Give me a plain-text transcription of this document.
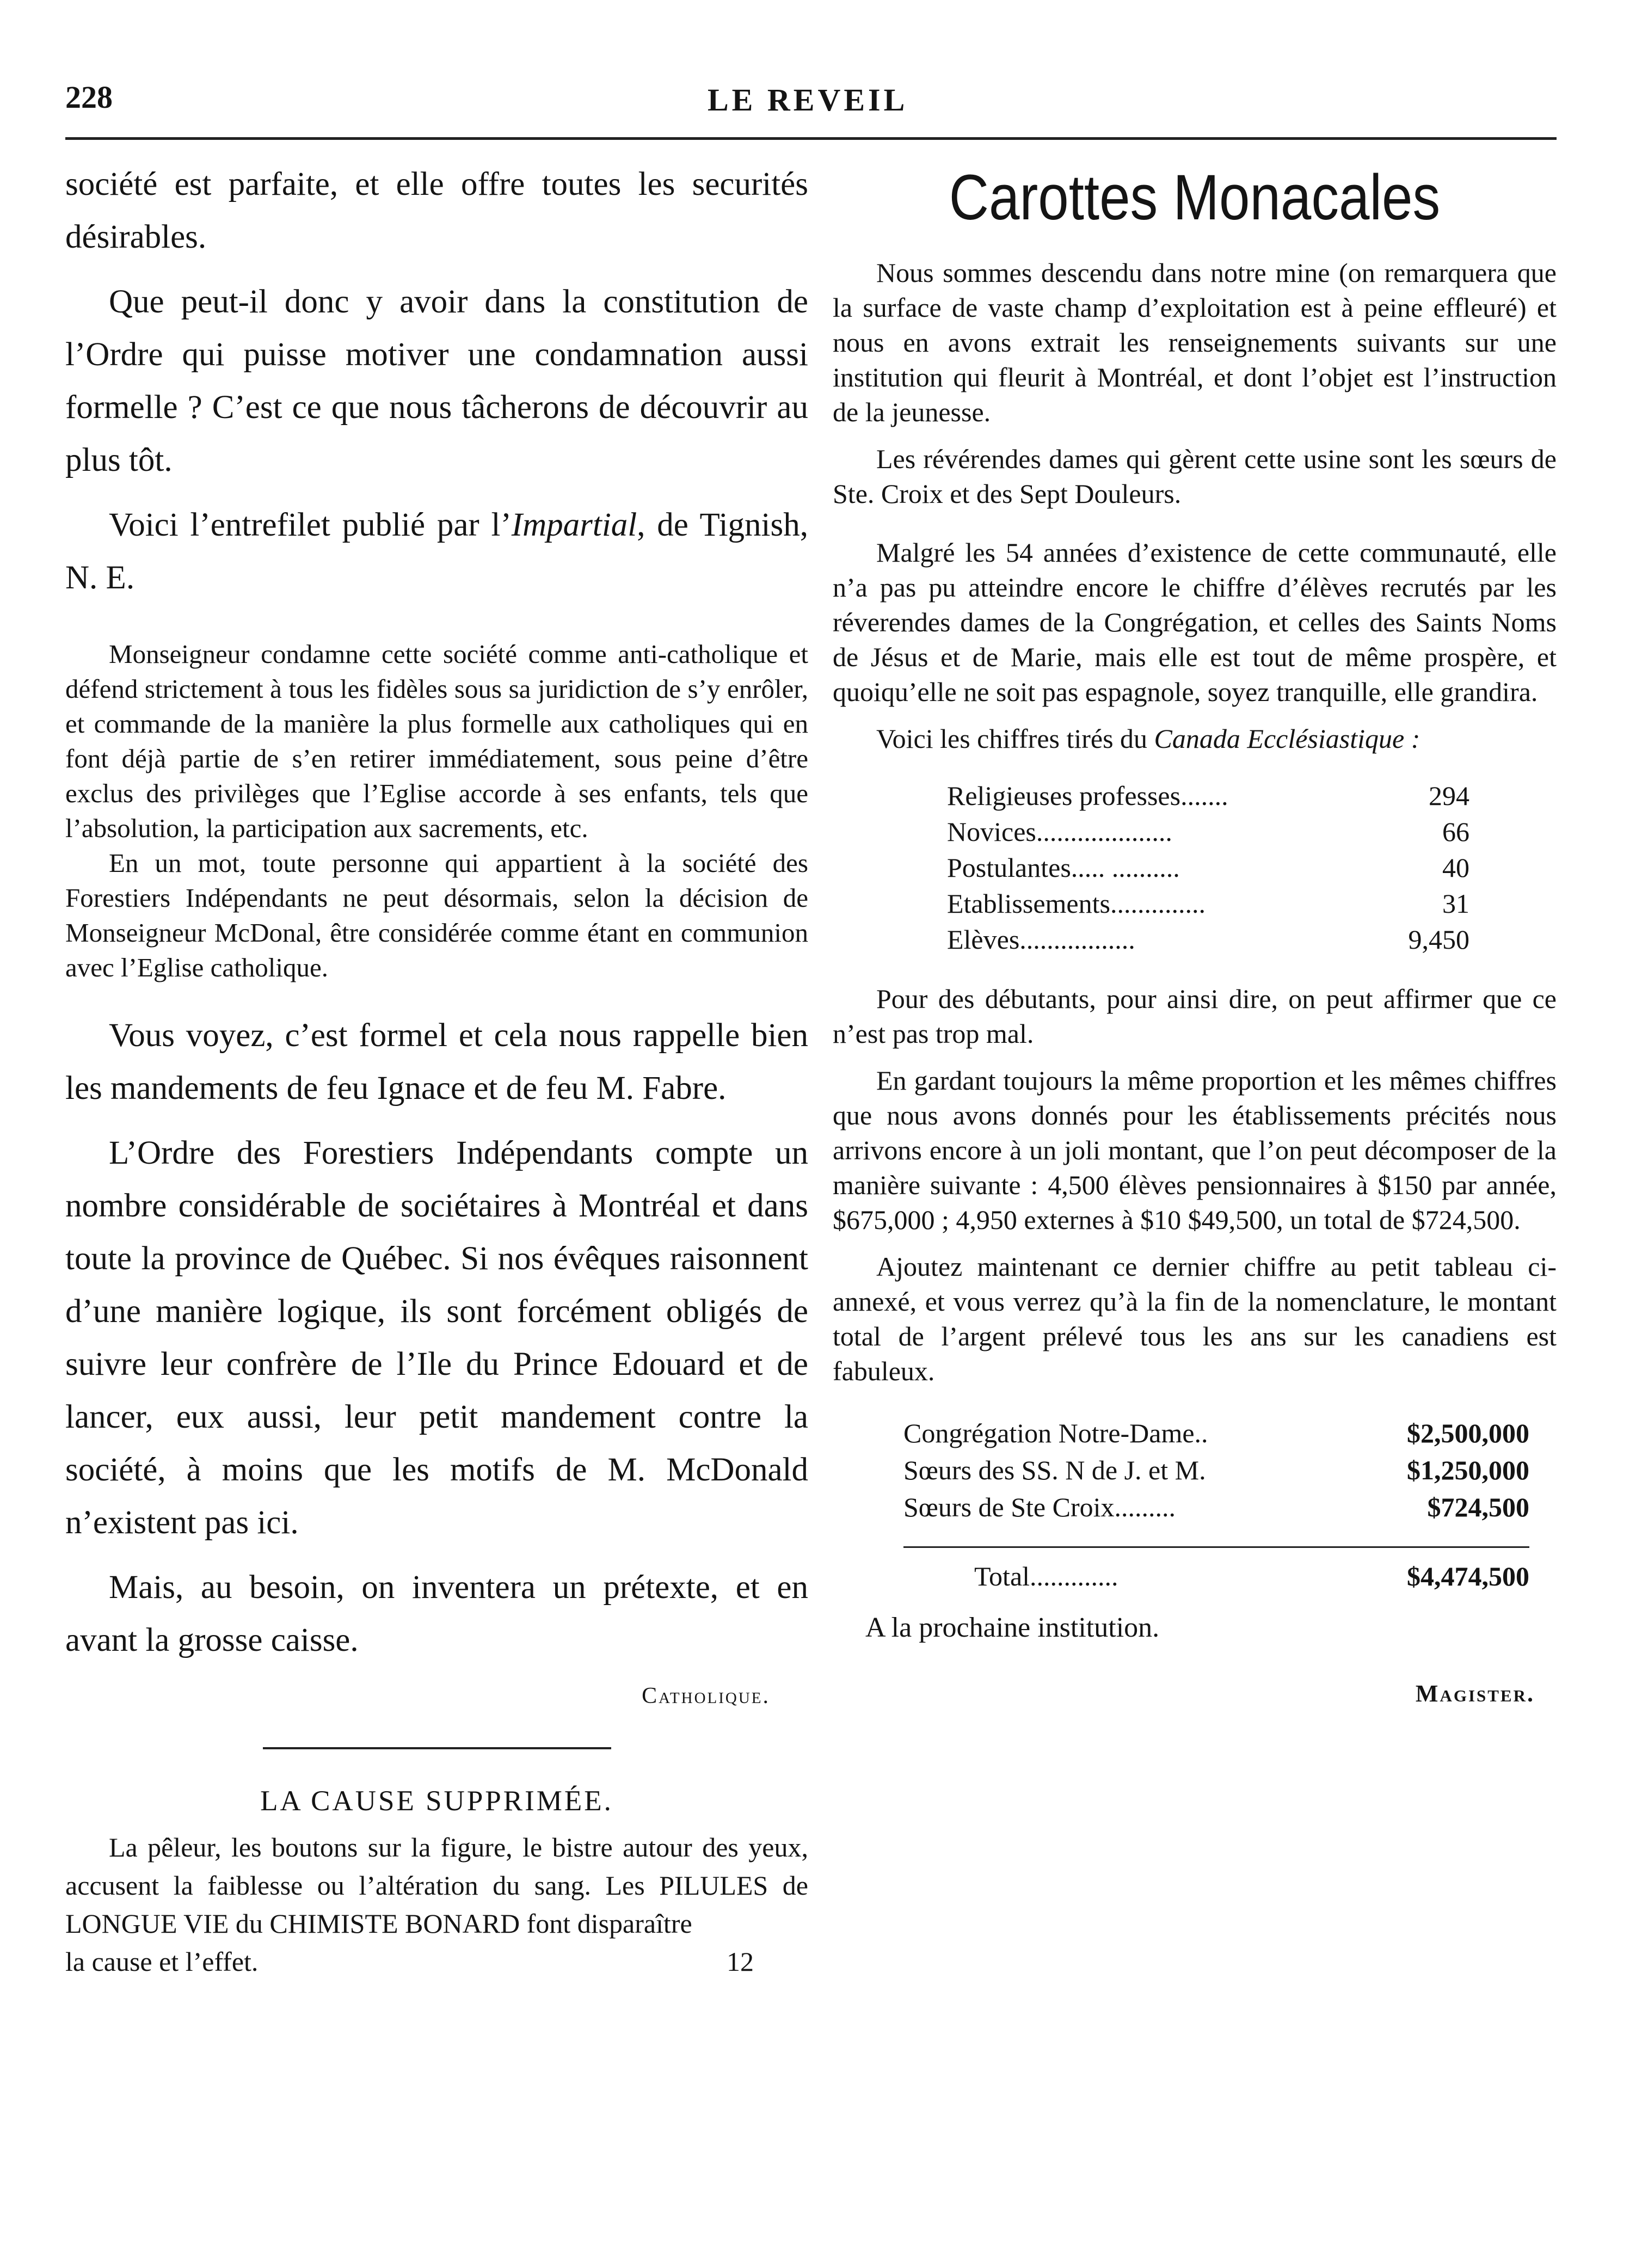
228	LE REVEIL

société est parfaite, et elle offre toutes les securités désirables.

Que peut-il donc y avoir dans la constitution de l’Ordre qui puisse motiver une condamnation aussi formelle ? C’est ce que nous tâcherons de découvrir au plus tôt.

Voici l’entrefilet publié par l’Impartial, de Tignish, N. E.

Monseigneur condamne cette société comme anti-catholique et défend strictement à tous les fidèles sous sa juridiction de s’y enrôler, et commande de la manière la plus formelle aux catholiques qui en font déjà partie de s’en retirer immédiatement, sous peine d’être exclus des privilèges que l’Eglise accorde à ses enfants, tels que l’absolution, la participation aux sacrements, etc.

En un mot, toute personne qui appartient à la société des Forestiers Indépendants ne peut désormais, selon la décision de Monseigneur McDonal, être considérée comme étant en communion avec l’Eglise catholique.

Vous voyez, c’est formel et cela nous rappelle bien les mandements de feu Ignace et de feu M. Fabre.

L’Ordre des Forestiers Indépendants compte un nombre considérable de sociétaires à Montréal et dans toute la province de Québec. Si nos évêques raisonnent d’une manière logique, ils sont forcément obligés de suivre leur confrère de l’Ile du Prince Edouard et de lancer, eux aussi, leur petit mandement contre la société, à moins que les motifs de M. McDonald n’existent pas ici.

Mais, au besoin, on inventera un prétexte, et en avant la grosse caisse.

Catholique.
LA CAUSE SUPPRIMÉE.

La pêleur, les boutons sur la figure, le bistre autour des yeux, accusent la faiblesse ou l’altération du sang. Les PILULES de LONGUE VIE du CHIMISTE BONARD font disparaître

la cause et l’effet.	12
Carottes Monacales

Nous sommes descendu dans notre mine (on remarquera que la surface de vaste champ d’exploitation est à peine effleuré) et nous en avons extrait les renseignements suivants sur une institution qui fleurit à Montréal, et dont l’objet est l’instruction de la jeunesse.

Les révérendes dames qui gèrent cette usine sont les sœurs de Ste. Croix et des Sept Douleurs.

Malgré les 54 années d’existence de cette communauté, elle n’a pas pu atteindre encore le chiffre d’élèves recrutés par les réverendes dames de la Congrégation, et celles des Saints Noms de Jésus et de Marie, mais elle est tout de même prospère, et quoiqu’elle ne soit pas espagnole, soyez tranquille, elle grandira.

Voici les chiffres tirés du Canada Ecclésiastique :

Religieuses professes.......	294
Novices....................	66
Postulantes..... ..........	40
Etablissements..............	31
Elèves.................	9,450

Pour des débutants, pour ainsi dire, on peut affirmer que ce n’est pas trop mal.

En gardant toujours la même proportion et les mêmes chiffres que nous avons donnés pour les établissements précités nous arrivons encore à un joli montant, que l’on peut décomposer de la manière suivante : 4,500 élèves pensionnaires à $150 par année, $675,000 ; 4,950 externes à $10 $49,500, un total de $724,500.

Ajoutez maintenant ce dernier chiffre au petit tableau ci-annexé, et vous verrez qu’à la fin de la nomenclature, le montant total de l’argent prélevé tous les ans sur les canadiens est fabuleux.

Congrégation Notre-Dame..	$2,500,000
Sœurs des SS. N de J. et M.	$1,250,000
Sœurs de Ste Croix.........	$724,500
Total.............	$4,474,500

A la prochaine institution.

Magister.
